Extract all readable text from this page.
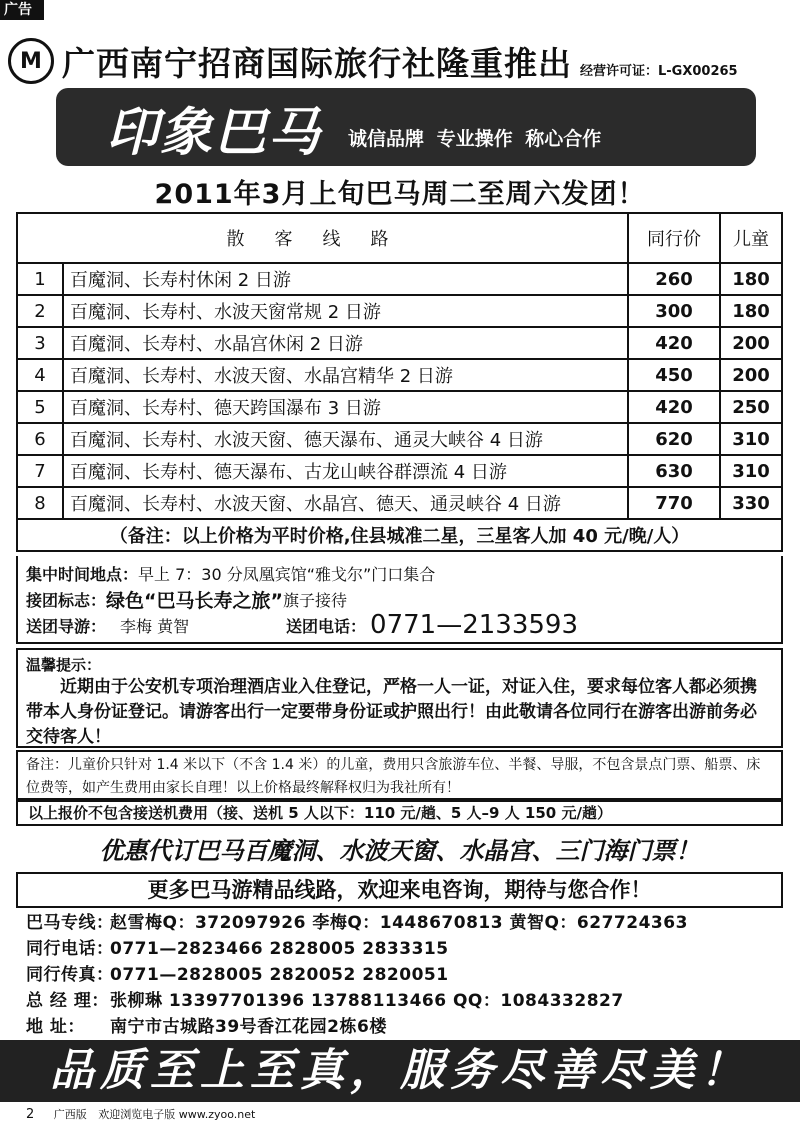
广告
M 广西南宁招商国际旅行社隆重推出 经营许可证：L-GX00265
印象巴马 诚信品牌 专业操作 称心合作
2011年3月上旬巴马周二至周六发团！
散客线路		同行价	儿童
1	百魔洞、长寿村休闲 2 日游	260	180
2	百魔洞、长寿村、水波天窗常规 2 日游	300	180
3	百魔洞、长寿村、水晶宫休闲 2 日游	420	200
4	百魔洞、长寿村、水波天窗、水晶宫精华 2 日游	450	200
5	百魔洞、长寿村、德天跨国瀑布 3 日游	420	250
6	百魔洞、长寿村、水波天窗、德天瀑布、通灵大峡谷 4 日游	620	310
7	百魔洞、长寿村、德天瀑布、古龙山峡谷群漂流 4 日游	630	310
8	百魔洞、长寿村、水波天窗、水晶宫、德天、通灵峡谷 4 日游	770	330
（备注：以上价格为平时价格,住县城准二星，三星客人加 40 元/晚/人）			
集中时间地点： 早上 7：30 分凤凰宾馆“雅戈尔”门口集合
接团标志： 绿色“巴马长寿之旅” 旗子接待
送团导游： 李梅 黄智	送团电话： 0771—2133593
温馨提示：
近期由于公安机专项治理酒店业入住登记，严格一人一证，对证入住，要求每位客人都必须携带本人身份证登记。请游客出行一定要带身份证或护照出行！由此敬请各位同行在游客出游前务必交待客人！
备注：儿童价只针对 1.4 米以下（不含 1.4 米）的儿童，费用只含旅游车位、半餐、导服，不包含景点门票、船票、床位费等，如产生费用由家长自理！以上价格最终解释权归为我社所有！
以上报价不包含接送机费用（接、送机 5 人以下：110 元/趟、5 人–9 人 150 元/趟）
优惠代订巴马百魔洞、水波天窗、水晶宫、三门海门票！
更多巴马游精品线路，欢迎来电咨询，期待与您合作！
巴马专线：赵雪梅Q：372097926 李梅Q：1448670813 黄智Q：627724363
同行电话：0771—2823466 2828005 2833315
同行传真：0771—2828005 2820052 2820051
总 经 理：张柳琳 13397701396 13788113466 QQ：1084332827
地 址： 南宁市古城路39号香江花园2栋6楼
品质至上至真，服务尽善尽美！
2 广西版 欢迎浏览电子版 www.zyoo.net
